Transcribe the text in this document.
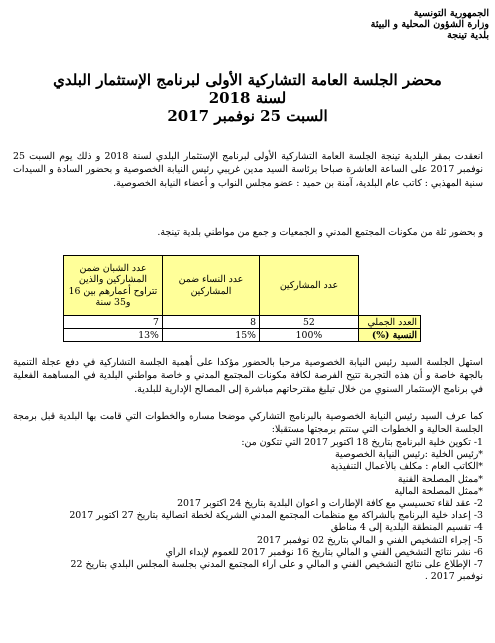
الجمهورية التونسية
وزارة الشؤون المحلية و البيئة
بلدية تينجة
محضر الجلسة العامة التشاركية الأولى لبرنامج الإستثمار البلدي
لسنة 2018
السبت 25 نوفمبر 2017
انعقدت بمقر البلدية تينجة الجلسة العامة التشاركية الأولى لبرنامج الإستثمار البلدي لسنة 2018 و ذلك يوم السبت 25 نوفمبر 2017 على الساعة العاشرة صباحا برئاسة السيد مدين غريبي رئيس النيابة الخصوصية و بحضور السادة و السيدات سنية المهذبي : كاتب عام البلدية، آمنة بن حميد : عضو مجلس النواب و أعضاء النيابة الخصوصية.
و بحضور ثلة من مكونات المجتمع المدني و الجمعيات و جمع من مواطني بلدية تينجة.
	عدد المشاركين	عدد النساء ضمن المشاركين	عدد الشبان ضمن المشاركين والذين تتراوح أعمارهم بين 16 و35 سنة
العدد الجملي	52	8	7
النسبة (%)	100%	15%	13%
استهل الجلسة السيد رئيس النيابة الخصوصية مرحبا بالحضور مؤكدا على أهمية الجلسة التشاركية في دفع عجلة التنمية بالجهة خاصة و أن هذه التجربة تتيح الفرصة لكافة مكونات المجتمع المدني و خاصة مواطني البلدية في المساهمة الفعلية في برنامج الإستثمار السنوي من خلال تبليغ مقترحاتهم مباشرة إلى المصالح الإدارية للبلدية.
كما عرف السيد رئيس النيابة الخصوصية بالبرنامج التشاركي موضحا مساره والخطوات التي قامت بها البلدية قبل برمجة الجلسة الحالية و الخطوات التي ستتم برمجتها مستقبلا:
1- تكوين خلية البرنامج بتاريخ 18 أكتوبر 2017 التي تتكون من:
*رئيس الخلية :رئيس النيابة الخصوصية
*الكاتب العام : مكلف بالأعمال التنفيذية
*ممثل المصلحة الفنية
*ممثل المصلحة المالية
2- عقد لقاء تحسيسي مع كافة الإطارات و أعوان البلدية بتاريخ 24 أكتوبر 2017
3- إعداد خلية البرنامج بالشراكة مع منظمات المجتمع المدني الشريكة لخطة اتصالية بتاريخ 27 أكتوبر 2017
4- تقسيم المنطقة البلدية إلى 4 مناطق
5- إجراء التشخيص الفني و المالي بتاريخ 02 نوفمبر 2017
6- نشر نتائج التشخيص الفني و المالي بتاريخ 16 نوفمبر 2017 للعموم لإبداء الرأي
7- الإطلاع على نتائج التشخيص الفني و المالي و على آراء المجتمع المدني بجلسة المجلس البلدي بتاريخ 22
نوفمبر 2017 .
